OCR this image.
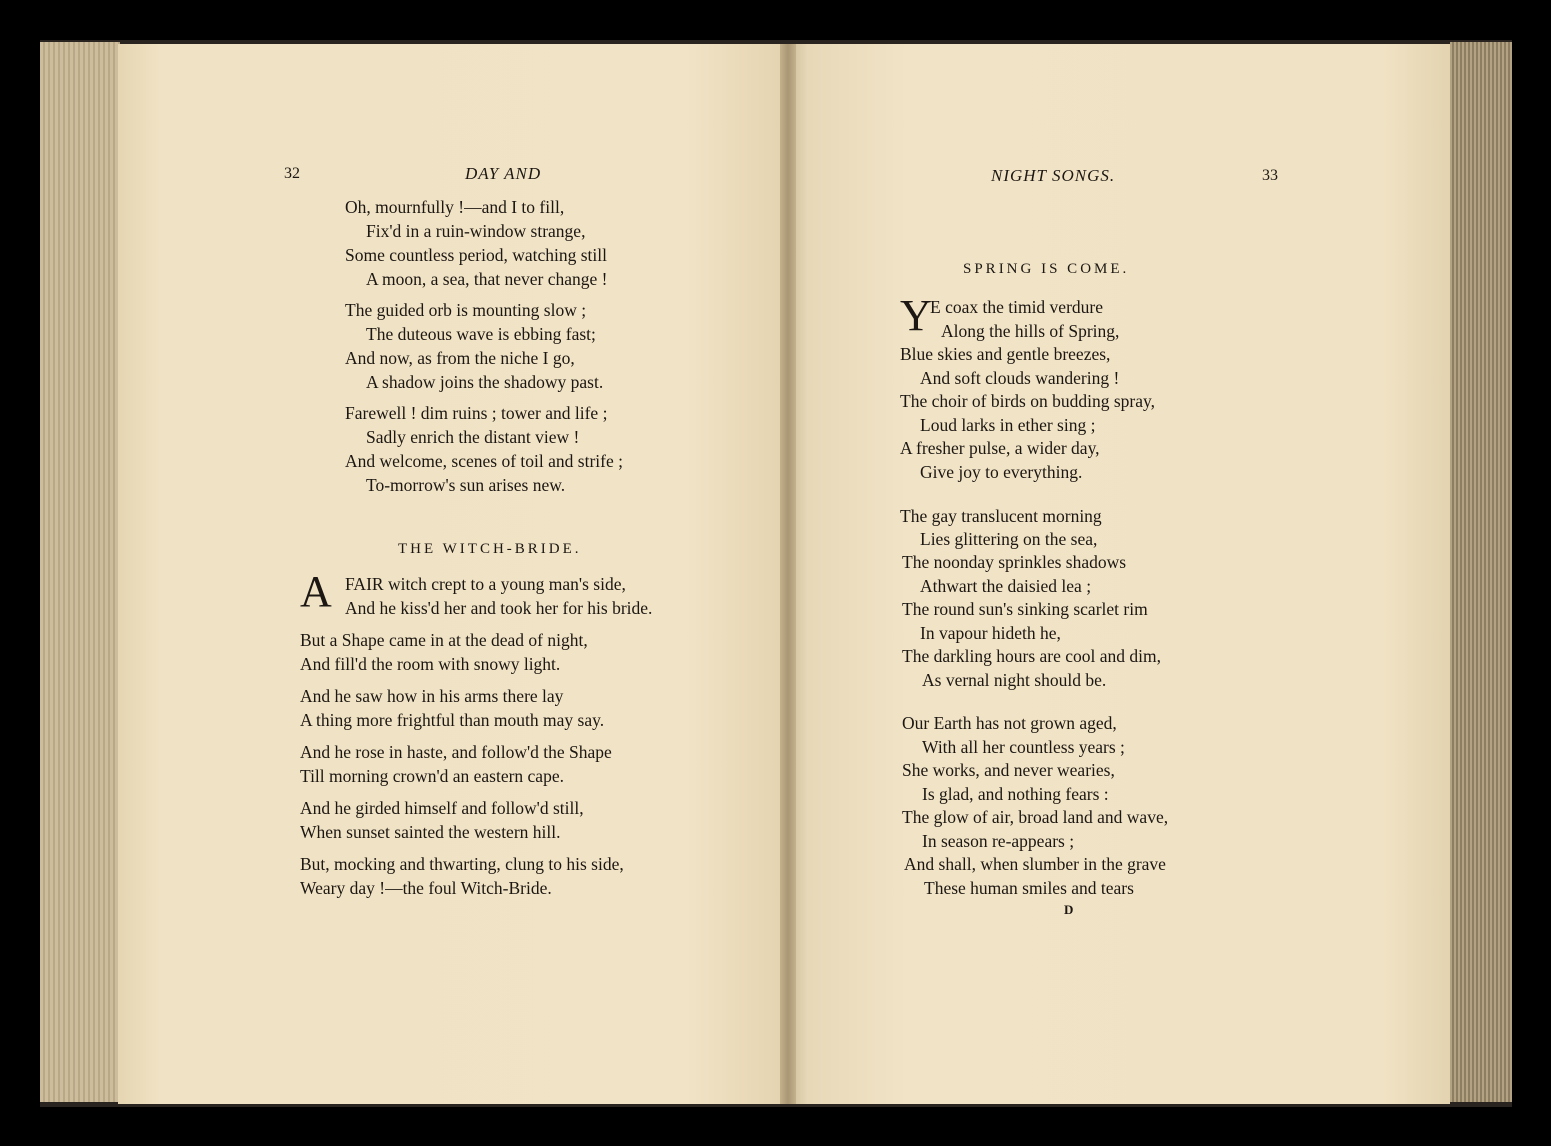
32	DAY AND
Oh, mournfully !—and I to fill,
Fix'd in a ruin-window strange,
Some countless period, watching still
A moon, a sea, that never change !
The guided orb is mounting slow ;
The duteous wave is ebbing fast;
And now, as from the niche I go,
A shadow joins the shadowy past.
Farewell ! dim ruins ; tower and life ;
Sadly enrich the distant view !
And welcome, scenes of toil and strife ;
To-morrow's sun arises new.
THE WITCH-BRIDE.
A FAIR witch crept to a young man's side,
And he kiss'd her and took her for his bride.
But a Shape came in at the dead of night,
And fill'd the room with snowy light.
And he saw how in his arms there lay
A thing more frightful than mouth may say.
And he rose in haste, and follow'd the Shape
Till morning crown'd an eastern cape.
And he girded himself and follow'd still,
When sunset sainted the western hill.
But, mocking and thwarting, clung to his side,
Weary day !—the foul Witch-Bride.
NIGHT SONGS.	33
SPRING IS COME.
Y
E coax the timid verdure
Along the hills of Spring,
Blue skies and gentle breezes,
And soft clouds wandering !
The choir of birds on budding spray,
Loud larks in ether sing ;
A fresher pulse, a wider day,
Give joy to everything.
The gay translucent morning
Lies glittering on the sea,
The noonday sprinkles shadows
Athwart the daisied lea ;
The round sun's sinking scarlet rim
In vapour hideth he,
The darkling hours are cool and dim,
As vernal night should be.
Our Earth has not grown aged,
With all her countless years ;
She works, and never wearies,
Is glad, and nothing fears :
The glow of air, broad land and wave,
In season re-appears ;
And shall, when slumber in the grave
These human smiles and tears
D
